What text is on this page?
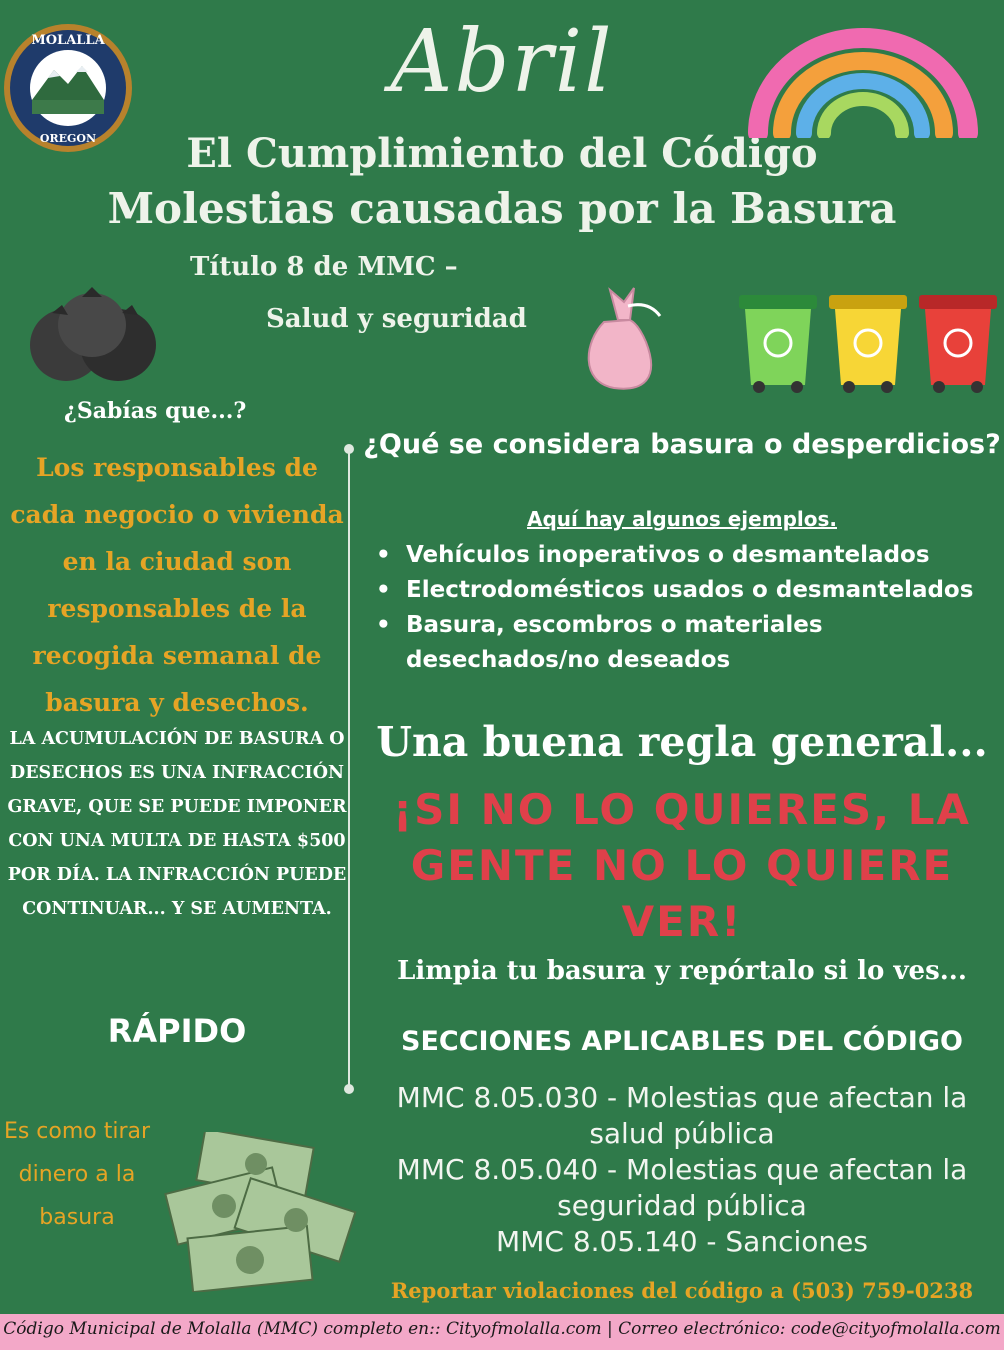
MOLALLA
OREGON
Abril
El Cumplimiento del Código
Molestias causadas por la Basura
Título 8 de MMC –
Salud y seguridad
¿Sabías que...?
Los responsables de cada negocio o vivienda en la ciudad son responsables de la recogida semanal de basura y desechos.
LA ACUMULACIÓN DE BASURA O DESECHOS ES UNA INFRACCIÓN GRAVE, QUE SE PUEDE IMPONER CON UNA MULTA DE HASTA $500 POR DÍA. LA INFRACCIÓN PUEDE CONTINUAR... Y SE AUMENTA.
RÁPIDO
Es como tirar dinero a la basura
¿Qué se considera basura o desperdicios?
Aquí hay algunos ejemplos.
• Vehículos inoperativos o desmantelados
• Electrodomésticos usados o desmantelados
• Basura, escombros o materiales desechados/no deseados
Una buena regla general...
¡SI NO LO QUIERES, LA GENTE NO LO QUIERE VER!
Limpia tu basura y repórtalo si lo ves...
SECCIONES APLICABLES DEL CÓDIGO
MMC 8.05.030 - Molestias que afectan la salud pública
MMC 8.05.040 - Molestias que afectan la seguridad pública
MMC 8.05.140 - Sanciones
Reportar violaciones del código a (503) 759-0238
Código Municipal de Molalla (MMC) completo en:: Cityofmolalla.com | Correo electrónico: code@cityofmolalla.com
